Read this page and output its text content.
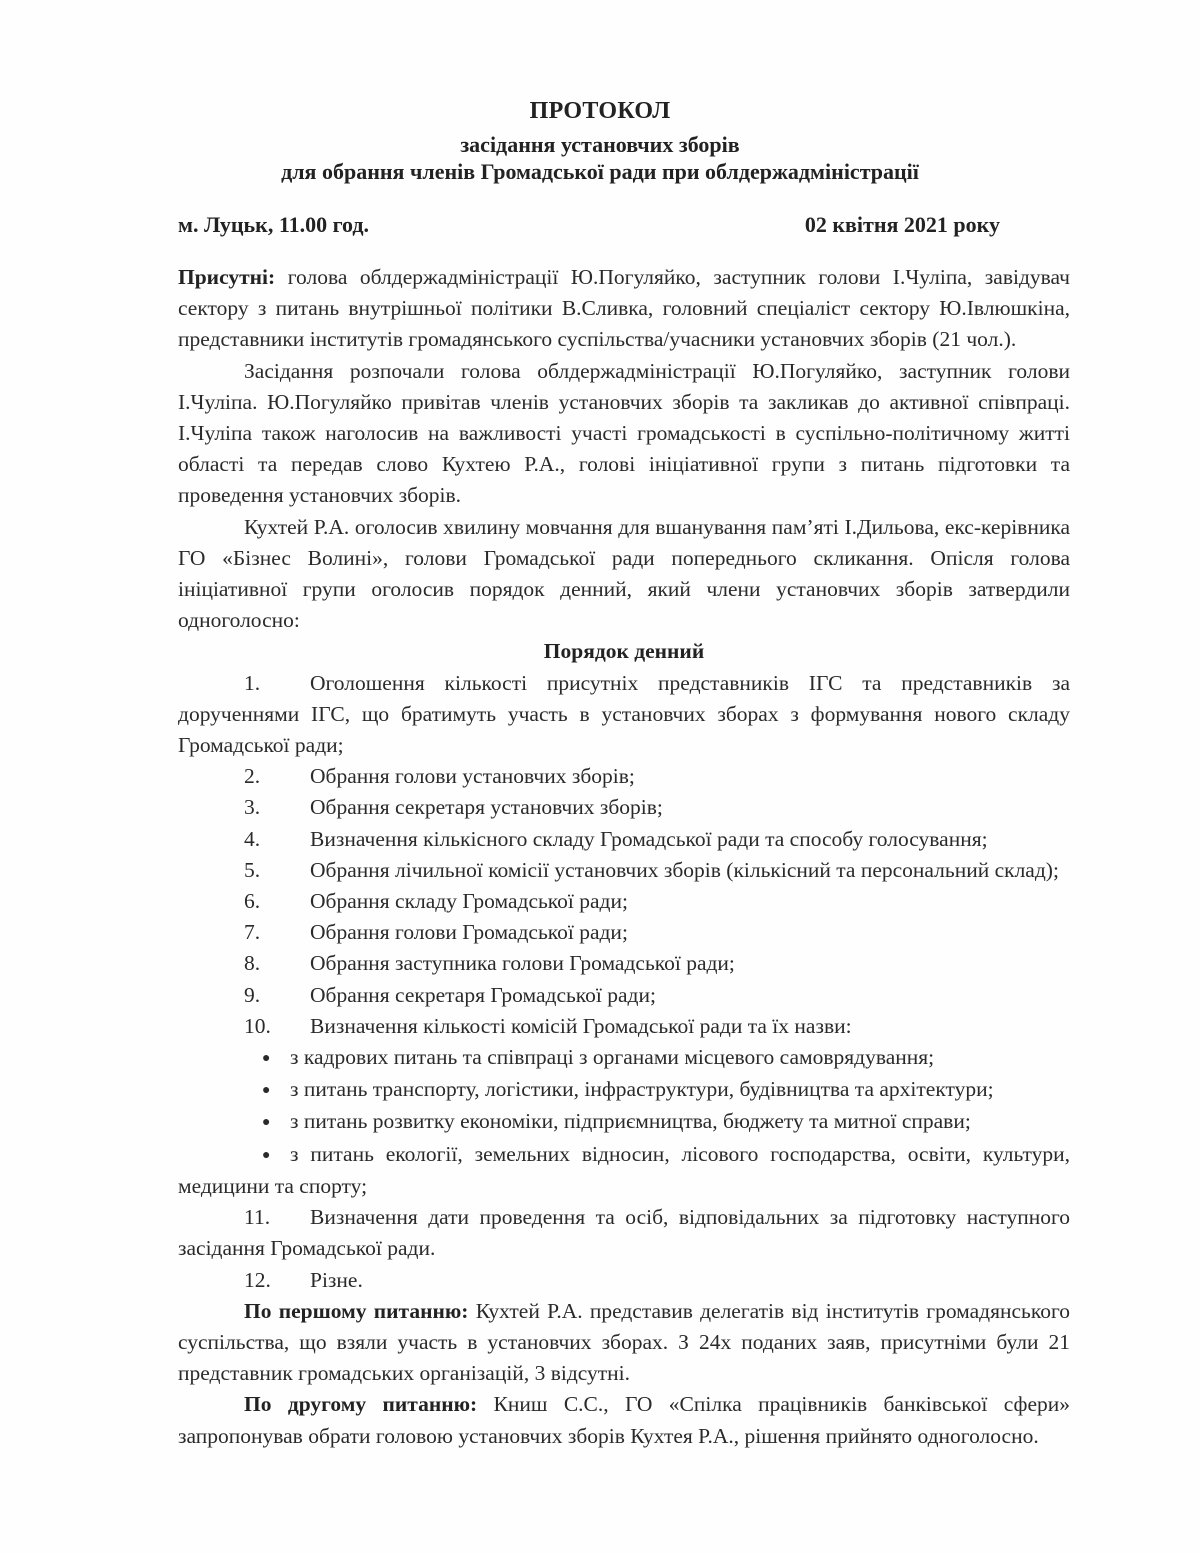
ПРОТОКОЛ
засідання установчих зборів
для обрання членів Громадської ради при облдержадміністрації
м. Луцьк, 11.00 год.	02 квітня 2021 року

Присутні: голова облдержадміністрації Ю.Погуляйко, заступник голови І.Чуліпа, завідувач сектору з питань внутрішньої політики В.Сливка, головний спеціаліст сектору Ю.Івлюшкіна, представники інститутів громадянського суспільства/учасники установчих зборів (21 чол.).

Засідання розпочали голова облдержадміністрації Ю.Погуляйко, заступник голови І.Чуліпа. Ю.Погуляйко привітав членів установчих зборів та закликав до активної співпраці. І.Чуліпа також наголосив на важливості участі громадськості в суспільно-політичному житті області та передав слово Кухтею Р.А., голові ініціативної групи з питань підготовки та проведення установчих зборів.

Кухтей Р.А. оголосив хвилину мовчання для вшанування пам’яті І.Дильова, екс-керівника ГО «Бізнес Волині», голови Громадської ради попереднього скликання. Опісля голова ініціативної групи оголосив порядок денний, який члени установчих зборів затвердили одноголосно:

Порядок денний

1. Оголошення кількості присутніх представників ІГС та представників за дорученнями ІГС, що братимуть участь в установчих зборах з формування нового складу Громадської ради;

2. Обрання голови установчих зборів;

3. Обрання секретаря установчих зборів;

4. Визначення кількісного складу Громадської ради та способу голосування;

5. Обрання лічильної комісії установчих зборів (кількісний та персональний склад);

6. Обрання складу Громадської ради;

7. Обрання голови Громадської ради;

8. Обрання заступника голови Громадської ради;

9. Обрання секретаря Громадської ради;

10. Визначення кількості комісій Громадської ради та їх назви:

● з кадрових питань та співпраці з органами місцевого самоврядування;

● з питань транспорту, логістики, інфраструктури, будівництва та архітектури;

● з питань розвитку економіки, підприємництва, бюджету та митної справи;

● з питань екології, земельних відносин, лісового господарства, освіти, культури, медицини та спорту;

11. Визначення дати проведення та осіб, відповідальних за підготовку наступного засідання Громадської ради.

12. Різне.

По першому питанню: Кухтей Р.А. представив делегатів від інститутів громадянського суспільства, що взяли участь в установчих зборах. З 24х поданих заяв, присутніми були 21 представник громадських організацій, 3 відсутні.

По другому питанню: Книш С.С., ГО «Спілка працівників банківської сфери» запропонував обрати головою установчих зборів Кухтея Р.А., рішення прийнято одноголосно.
